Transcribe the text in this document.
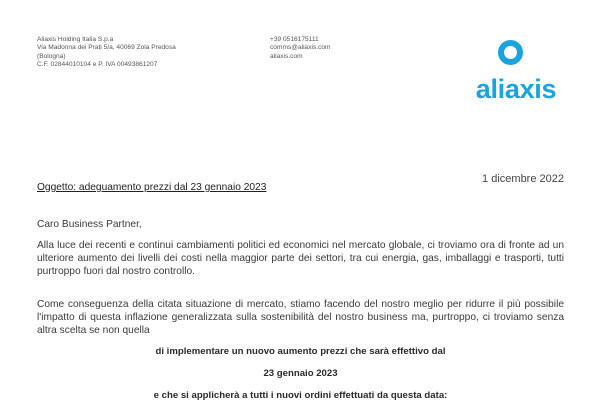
Aliaxis Holding Italia S.p.a
Via Madonna dei Prati 5/a, 40069 Zola Predosa
(Bologna)
C.F. 02844010104 e P. IVA 00493861207
+39 0516175111
comms@aliaxis.com
aliaxis.com
aliaxis
1 dicembre 2022
Oggetto: adeguamento prezzi dal 23 gennaio 2023
Caro Business Partner,
Alla luce dei recenti e continui cambiamenti politici ed economici nel mercato globale, ci troviamo ora di fronte ad un ulteriore aumento dei livelli dei costi nella maggior parte dei settori, tra cui energia, gas, imballaggi e trasporti, tutti purtroppo fuori dal nostro controllo.
Come conseguenza della citata situazione di mercato, stiamo facendo del nostro meglio per ridurre il più possibile l'impatto di questa inflazione generalizzata sulla sostenibilità del nostro business ma, purtroppo, ci troviamo senza altra scelta se non quella
di implementare un nuovo aumento prezzi che sarà effettivo dal
23 gennaio 2023
e che si applicherà a tutti i nuovi ordini effettuati da questa data:
